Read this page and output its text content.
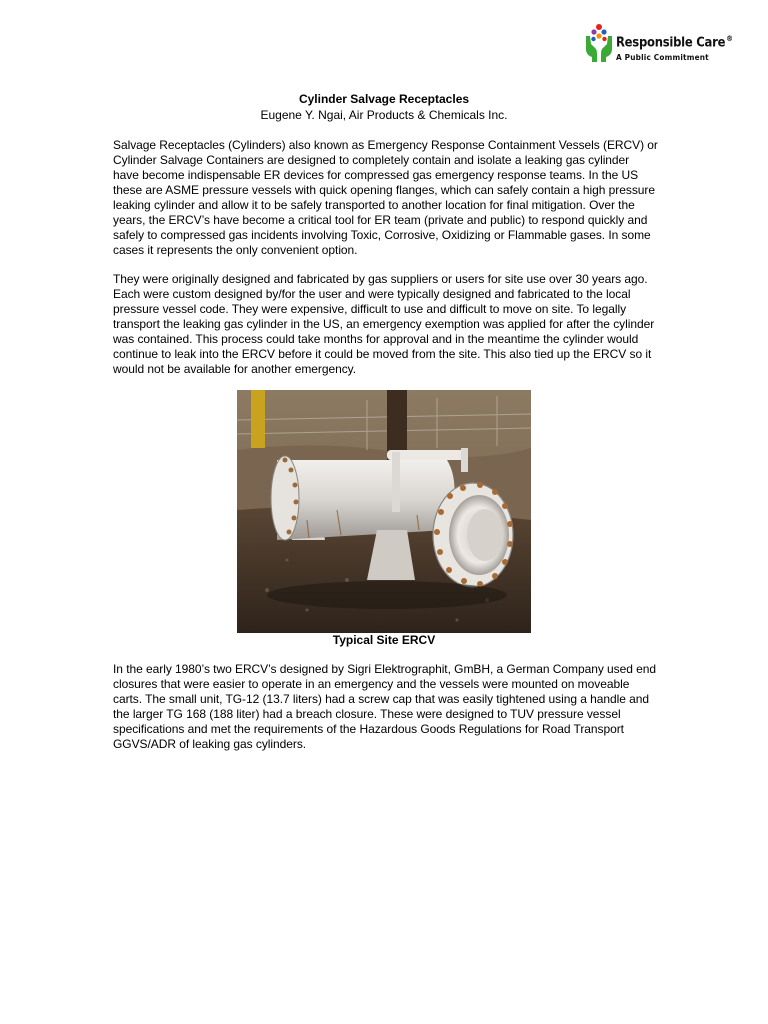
Responsible Care®
A Public Commitment
Cylinder Salvage Receptacles
Eugene Y. Ngai, Air Products & Chemicals Inc.

Salvage Receptacles (Cylinders) also known as Emergency Response Containment Vessels (ERCV) or Cylinder Salvage Containers are designed to completely contain and isolate a leaking gas cylinder have become indispensable ER devices for compressed gas emergency response teams. In the US these are ASME pressure vessels with quick opening flanges, which can safely contain a high pressure leaking cylinder and allow it to be safely transported to another location for final mitigation. Over the years, the ERCV’s have become a critical tool for ER team (private and public) to respond quickly and safely to compressed gas incidents involving Toxic, Corrosive, Oxidizing or Flammable gases. In some cases it represents the only convenient option.

They were originally designed and fabricated by gas suppliers or users for site use over 30 years ago. Each were custom designed by/for the user and were typically designed and fabricated to the local pressure vessel code. They were expensive, difficult to use and difficult to move on site. To legally transport the leaking gas cylinder in the US, an emergency exemption was applied for after the cylinder was contained. This process could take months for approval and in the meantime the cylinder would continue to leak into the ERCV before it could be moved from the site. This also tied up the ERCV so it would not be available for another emergency.

Typical Site ERCV

In the early 1980’s two ERCV’s designed by Sigri Elektrographit, GmBH, a German Company used end closures that were easier to operate in an emergency and the vessels were mounted on moveable carts. The small unit, TG-12 (13.7 liters) had a screw cap that was easily tightened using a handle and the larger TG 168 (188 liter) had a breach closure. These were designed to TUV pressure vessel specifications and met the requirements of the Hazardous Goods Regulations for Road Transport GGVS/ADR of leaking gas cylinders.
